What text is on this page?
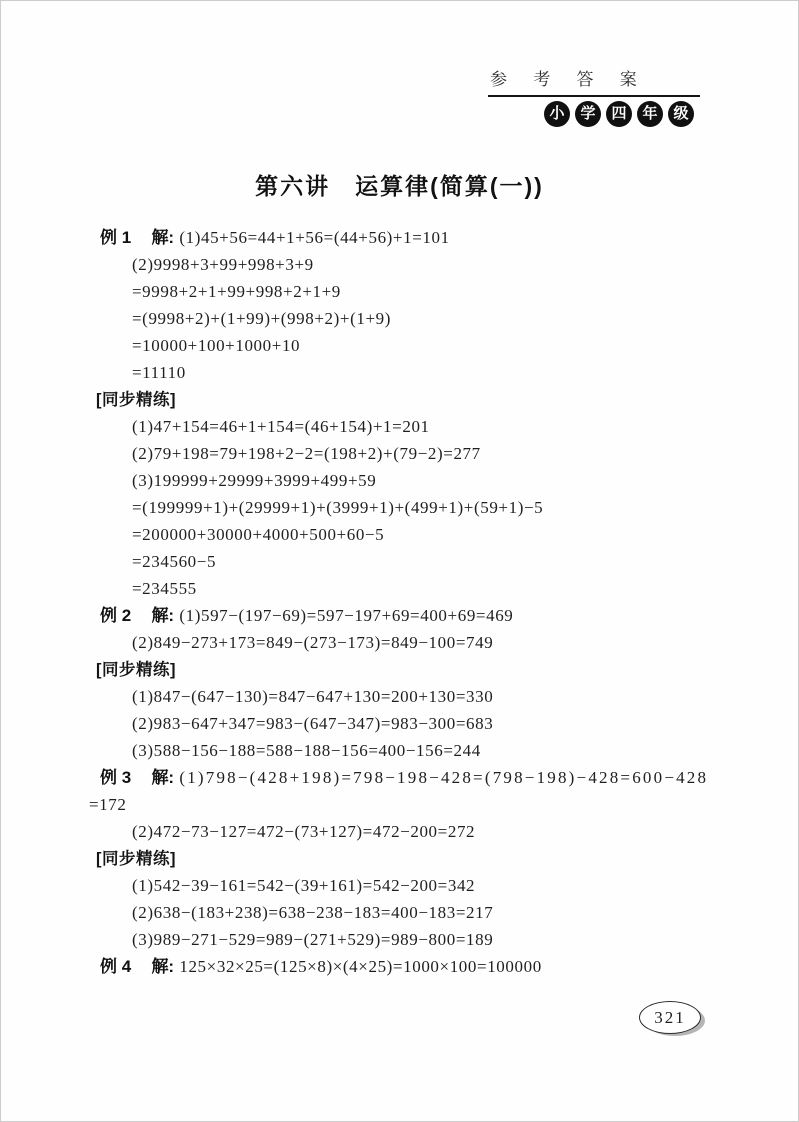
参 考 答 案
小 学 四 年 级
第六讲　运算律(简算(一))
例 1 解: (1)45+56=44+1+56=(44+56)+1=101
(2)9998+3+99+998+3+9
=9998+2+1+99+998+2+1+9
=(9998+2)+(1+99)+(998+2)+(1+9)
=10000+100+1000+10
=11110
[同步精练]
(1)47+154=46+1+154=(46+154)+1=201
(2)79+198=79+198+2−2=(198+2)+(79−2)=277
(3)199999+29999+3999+499+59
=(199999+1)+(29999+1)+(3999+1)+(499+1)+(59+1)−5
=200000+30000+4000+500+60−5
=234560−5
=234555
例 2 解: (1)597−(197−69)=597−197+69=400+69=469
(2)849−273+173=849−(273−173)=849−100=749
[同步精练]
(1)847−(647−130)=847−647+130=200+130=330
(2)983−647+347=983−(647−347)=983−300=683
(3)588−156−188=588−188−156=400−156=244
例 3 解: (1)798−(428+198)=798−198−428=(798−198)−428=600−428
=172
(2)472−73−127=472−(73+127)=472−200=272
[同步精练]
(1)542−39−161=542−(39+161)=542−200=342
(2)638−(183+238)=638−238−183=400−183=217
(3)989−271−529=989−(271+529)=989−800=189
例 4 解: 125×32×25=(125×8)×(4×25)=1000×100=100000
321
